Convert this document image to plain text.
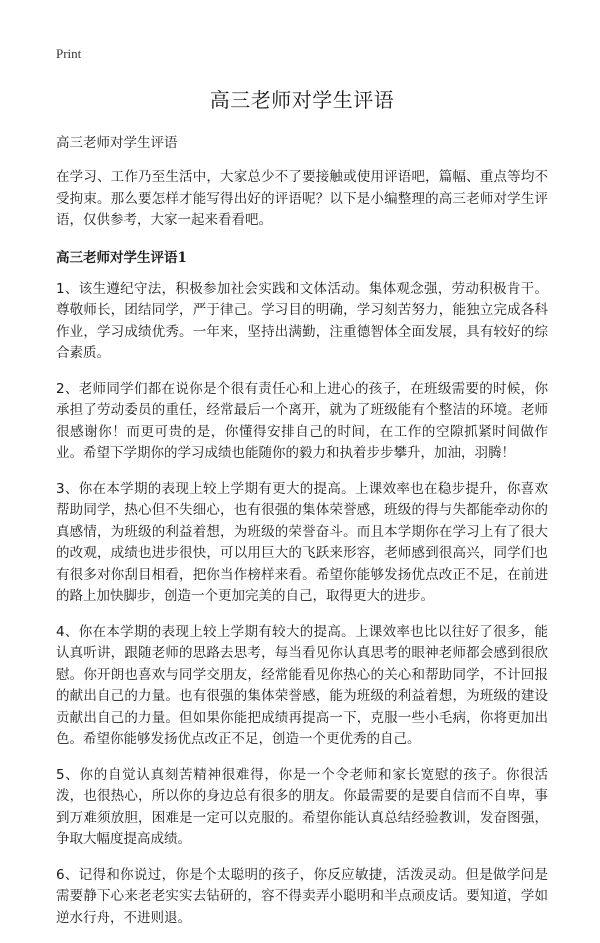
Print
高三老师对学生评语

高三老师对学生评语

在学习、工作乃至生活中，大家总少不了要接触或使用评语吧，篇幅、重点等均不受拘束。那么要怎样才能写得出好的评语呢？以下是小编整理的高三老师对学生评语，仅供参考，大家一起来看看吧。

高三老师对学生评语1

1、该生遵纪守法，积极参加社会实践和文体活动。集体观念强，劳动积极肯干。尊敬师长，团结同学，严于律己。学习目的明确，学习刻苦努力，能独立完成各科作业，学习成绩优秀。一年来，坚持出满勤，注重德智体全面发展，具有较好的综合素质。

2、老师同学们都在说你是个很有责任心和上进心的孩子，在班级需要的时候，你承担了劳动委员的重任，经常最后一个离开，就为了班级能有个整洁的环境。老师很感谢你！而更可贵的是，你懂得安排自己的时间，在工作的空隙抓紧时间做作业。希望下学期你的学习成绩也能随你的毅力和执着步步攀升，加油，羽腾！

3、你在本学期的表现上较上学期有更大的提高。上课效率也在稳步提升，你喜欢帮助同学，热心但不失细心，也有很强的集体荣誉感，班级的得与失都能牵动你的真感情，为班级的利益着想，为班级的荣誉奋斗。而且本学期你在学习上有了很大的改观，成绩也进步很快，可以用巨大的飞跃来形容，老师感到很高兴，同学们也有很多对你刮目相看，把你当作榜样来看。希望你能够发扬优点改正不足，在前进的路上加快脚步，创造一个更加完美的自己，取得更大的进步。

4、你在本学期的表现上较上学期有较大的提高。上课效率也比以往好了很多，能认真听讲，跟随老师的思路去思考，每当看见你认真思考的眼神老师都会感到很欣慰。你开朗也喜欢与同学交朋友，经常能看见你热心的关心和帮助同学，不计回报的献出自己的力量。也有很强的集体荣誉感，能为班级的利益着想，为班级的建设贡献出自己的力量。但如果你能把成绩再提高一下，克服一些小毛病，你将更加出色。希望你能够发扬优点改正不足，创造一个更优秀的自己。

5、你的自觉认真刻苦精神很难得，你是一个令老师和家长宽慰的孩子。你很活泼，也很热心，所以你的身边总有很多的朋友。你最需要的是要自信而不自卑，事到万难须放胆，困难是一定可以克服的。希望你能认真总结经验教训，发奋图强，争取大幅度提高成绩。

6、记得和你说过，你是个太聪明的孩子，你反应敏捷，活泼灵动。但是做学问是需要静下心来老老实实去钻研的，容不得卖弄小聪明和半点顽皮话。要知道，学如逆水行舟，不进则退。
